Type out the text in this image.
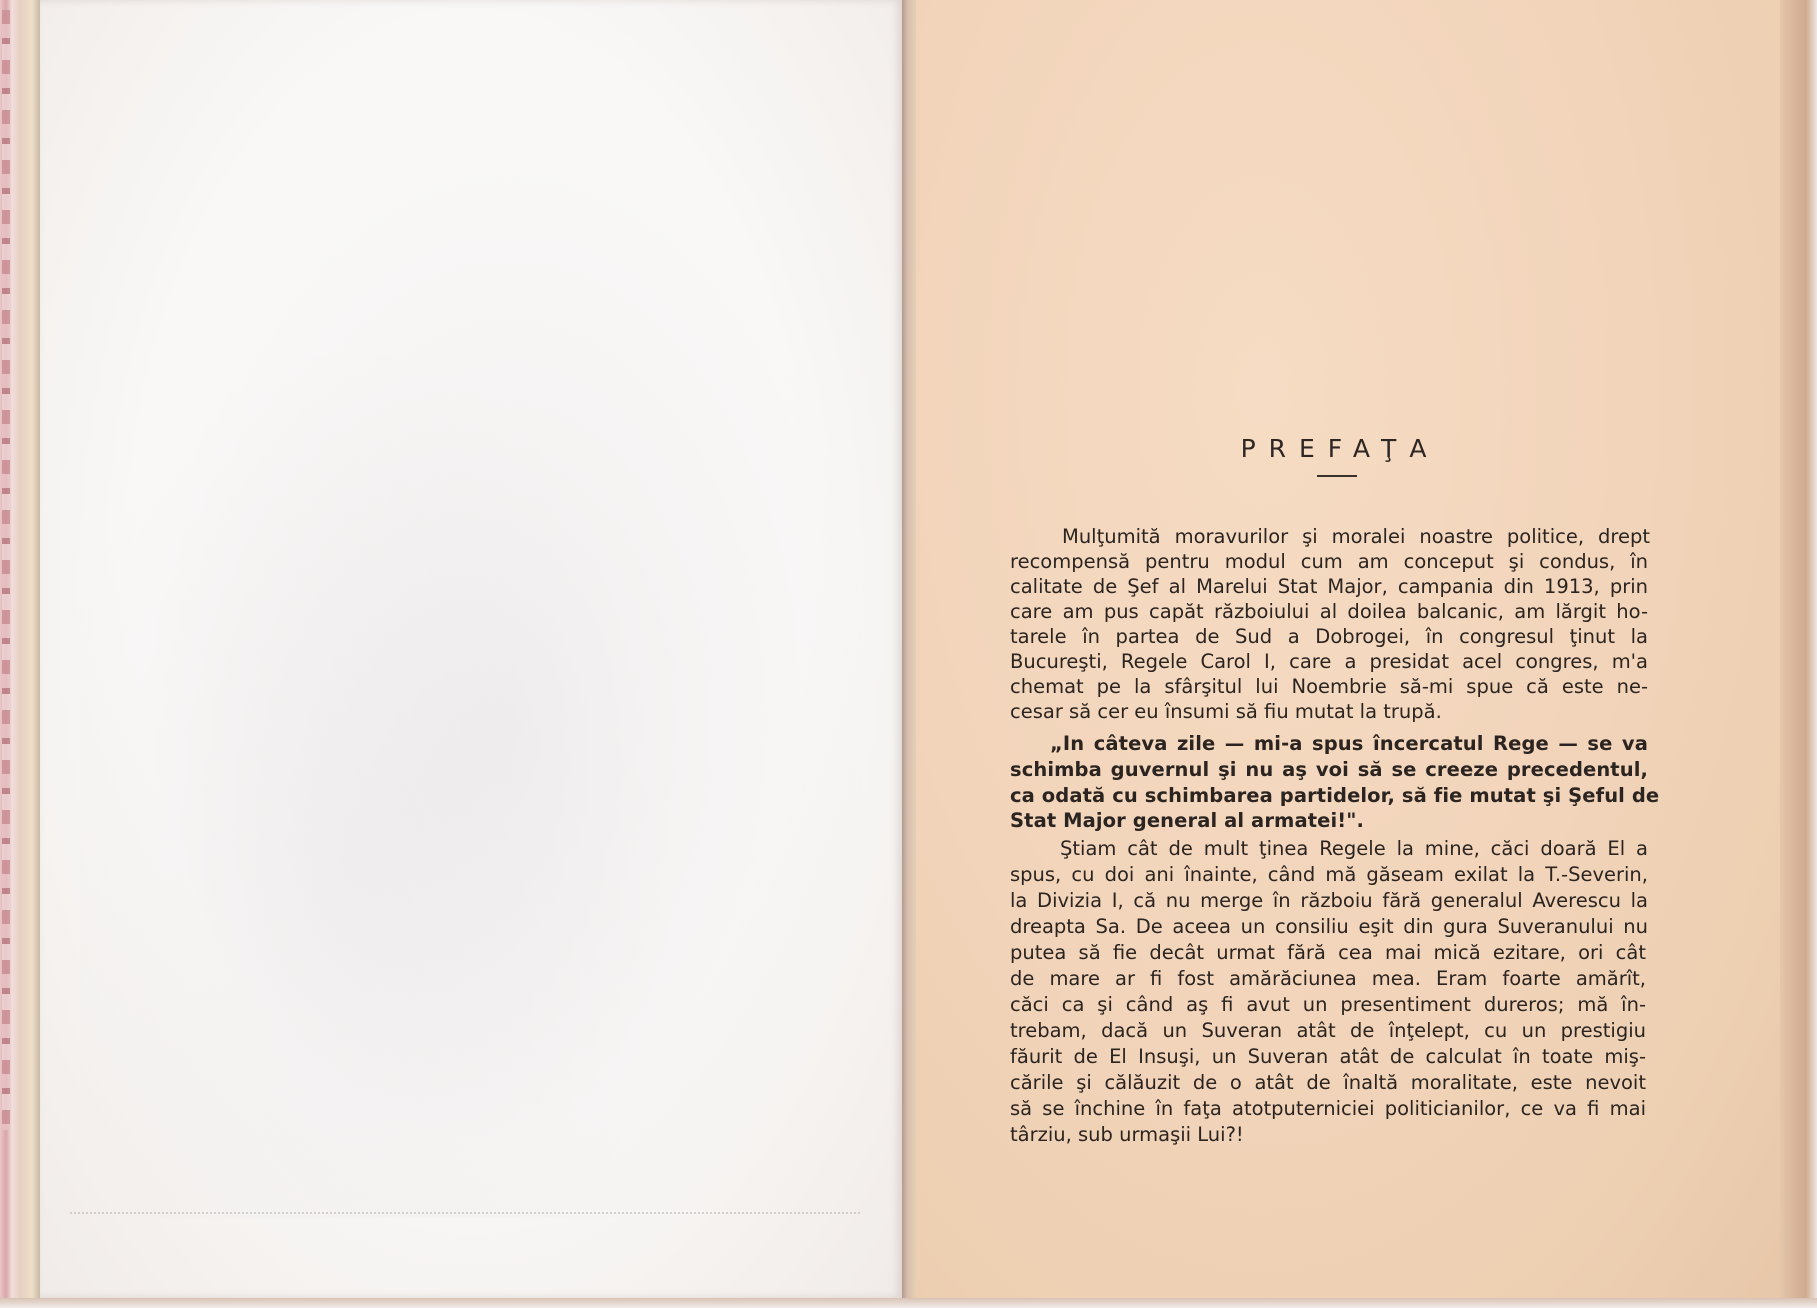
PREFAŢA

Mulţumită moravurilor şi moralei noastre politice, drept

recompensă pentru modul cum am conceput şi condus, în

calitate de Şef al Marelui Stat Major, campania din 1913, prin

care am pus capăt războiului al doilea balcanic, am lărgit ho-

tarele în partea de Sud a Dobrogei, în congresul ţinut la

Bucureşti, Regele Carol I, care a presidat acel congres, m'a

chemat pe la sfârşitul lui Noembrie să-mi spue că este ne-

cesar să cer eu însumi să fiu mutat la trupă.

„In câteva zile — mi-a spus încercatul Rege — se va

schimba guvernul şi nu aş voi să se creeze precedentul,

ca odată cu schimbarea partidelor, să fie mutat şi Şeful de

Stat Major general al armatei!".

Ştiam cât de mult ţinea Regele la mine, căci doară El a

spus, cu doi ani înainte, când mă găseam exilat la T.-Severin,

la Divizia I, că nu merge în războiu fără generalul Averescu la

dreapta Sa. De aceea un consiliu eşit din gura Suveranului nu

putea să fie decât urmat fără cea mai mică ezitare, ori cât

de mare ar fi fost amărăciunea mea. Eram foarte amărît,

căci ca şi când aş fi avut un presentiment dureros; mă în-

trebam, dacă un Suveran atât de înţelept, cu un prestigiu

făurit de El Insuşi, un Suveran atât de calculat în toate miş-

cările şi călăuzit de o atât de înaltă moralitate, este nevoit

să se închine în faţa atotputerniciei politicianilor, ce va fi mai

târziu, sub urmaşii Lui?!
